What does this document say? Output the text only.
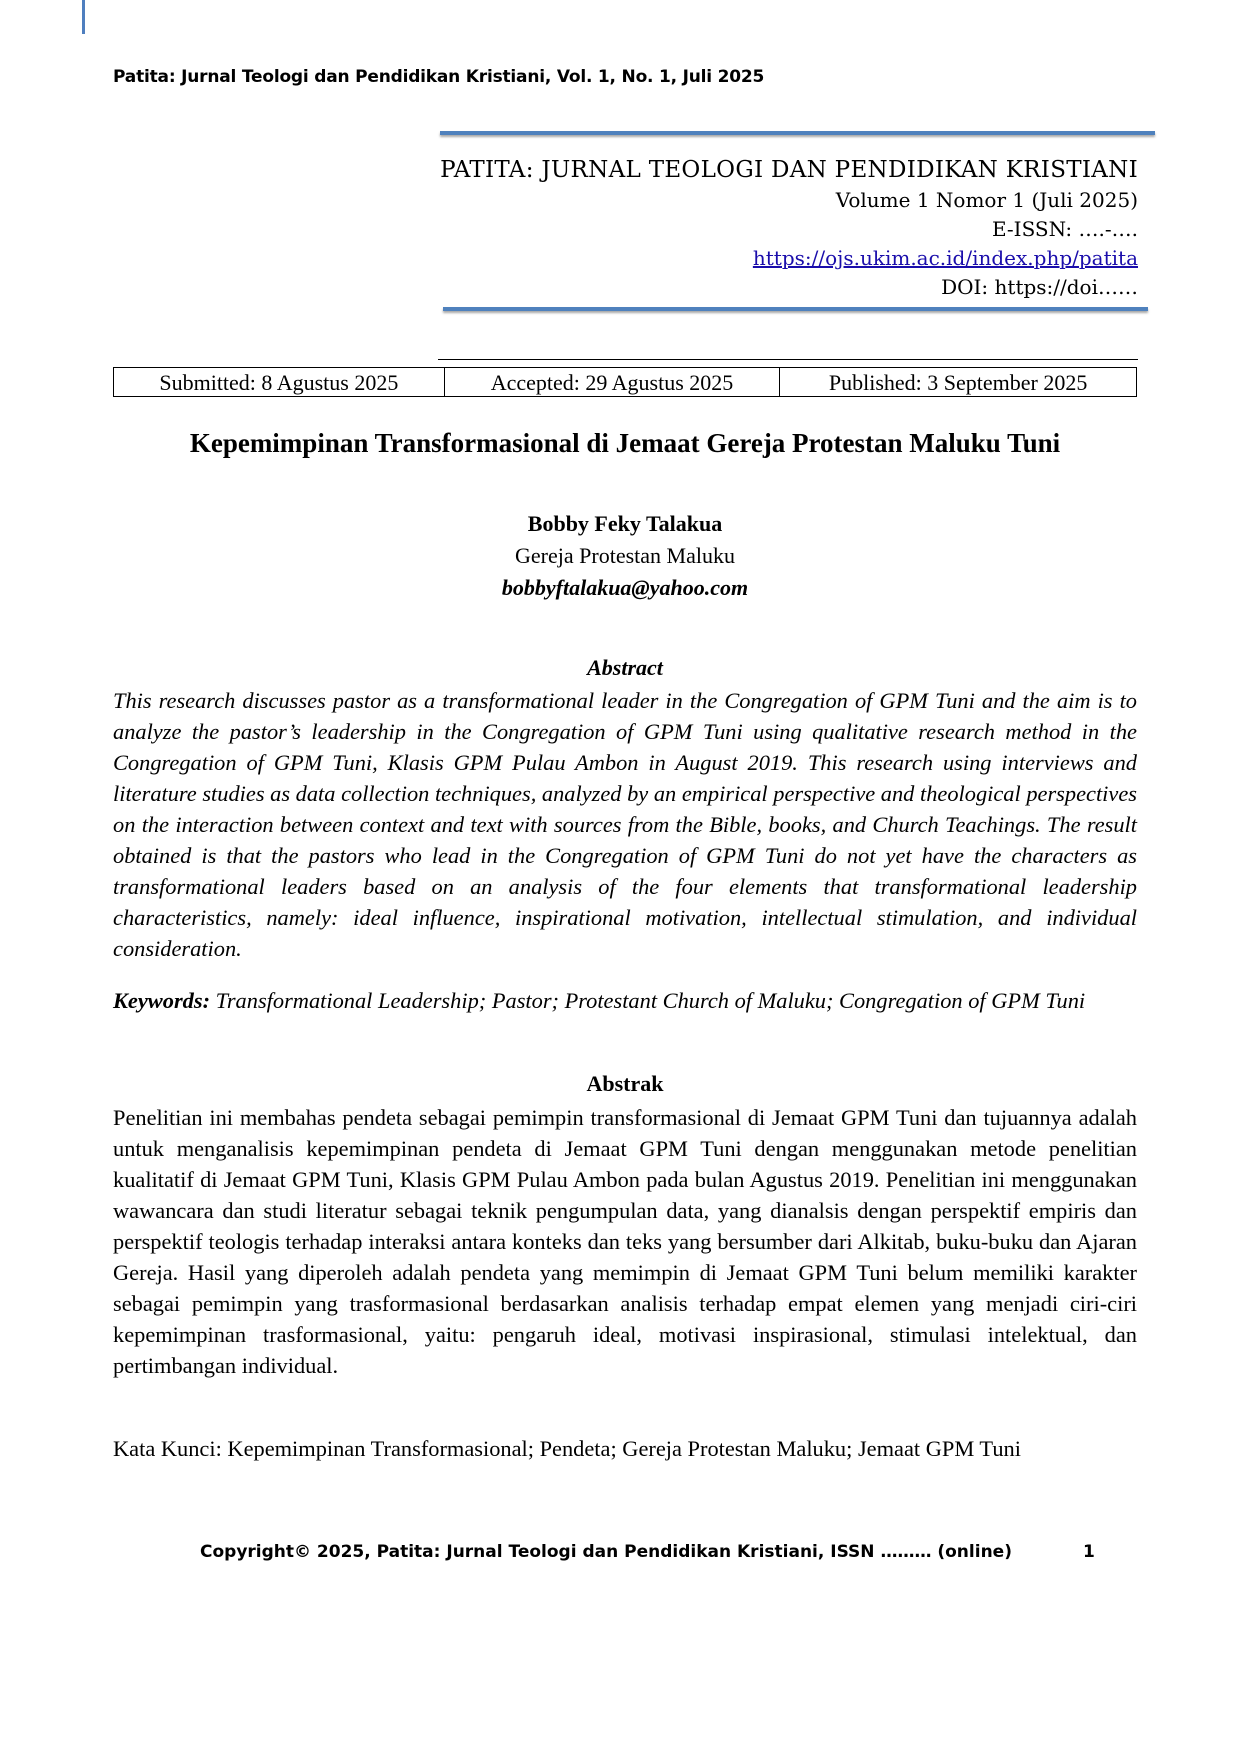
Patita: Jurnal Teologi dan Pendidikan Kristiani, Vol. 1, No. 1, Juli 2025
PATITA: JURNAL TEOLOGI DAN PENDIDIKAN KRISTIANI
Volume 1 Nomor 1 (Juli 2025)
E-ISSN: ….-….
https://ojs.ukim.ac.id/index.php/patita
DOI: https://doi……
Submitted: 8 Agustus 2025	Accepted: 29 Agustus 2025	Published: 3 September 2025
Kepemimpinan Transformasional di Jemaat Gereja Protestan Maluku Tuni
Bobby Feky Talakua
Gereja Protestan Maluku
bobbyftalakua@yahoo.com
Abstract
This research discusses pastor as a transformational leader in the Congregation of GPM Tuni and the aim is to analyze the pastor’s leadership in the Congregation of GPM Tuni using qualitative research method in the Congregation of GPM Tuni, Klasis GPM Pulau Ambon in August 2019. This research using interviews and literature studies as data collection techniques, analyzed by an empirical perspective and theological perspectives on the interaction between context and text with sources from the Bible, books, and Church Teachings. The result obtained is that the pastors who lead in the Congregation of GPM Tuni do not yet have the characters as transformational leaders based on an analysis of the four elements that transformational leadership characteristics, namely: ideal influence, inspirational motivation, intellectual stimulation, and individual consideration.
Keywords: Transformational Leadership; Pastor; Protestant Church of Maluku; Congregation of GPM Tuni
Abstrak
Penelitian ini membahas pendeta sebagai pemimpin transformasional di Jemaat GPM Tuni dan tujuannya adalah untuk menganalisis kepemimpinan pendeta di Jemaat GPM Tuni dengan menggunakan metode penelitian kualitatif di Jemaat GPM Tuni, Klasis GPM Pulau Ambon pada bulan Agustus 2019. Penelitian ini menggunakan wawancara dan studi literatur sebagai teknik pengumpulan data, yang dianalsis dengan perspektif empiris dan perspektif teologis terhadap interaksi antara konteks dan teks yang bersumber dari Alkitab, buku-buku dan Ajaran Gereja. Hasil yang diperoleh adalah pendeta yang memimpin di Jemaat GPM Tuni belum memiliki karakter sebagai pemimpin yang trasformasional berdasarkan analisis terhadap empat elemen yang menjadi ciri-ciri kepemimpinan trasformasional, yaitu: pengaruh ideal, motivasi inspirasional, stimulasi intelektual, dan pertimbangan individual.
Kata Kunci: Kepemimpinan Transformasional; Pendeta; Gereja Protestan Maluku; Jemaat GPM Tuni
Copyright© 2025, Patita: Jurnal Teologi dan Pendidikan Kristiani, ISSN ……… (online)	1
